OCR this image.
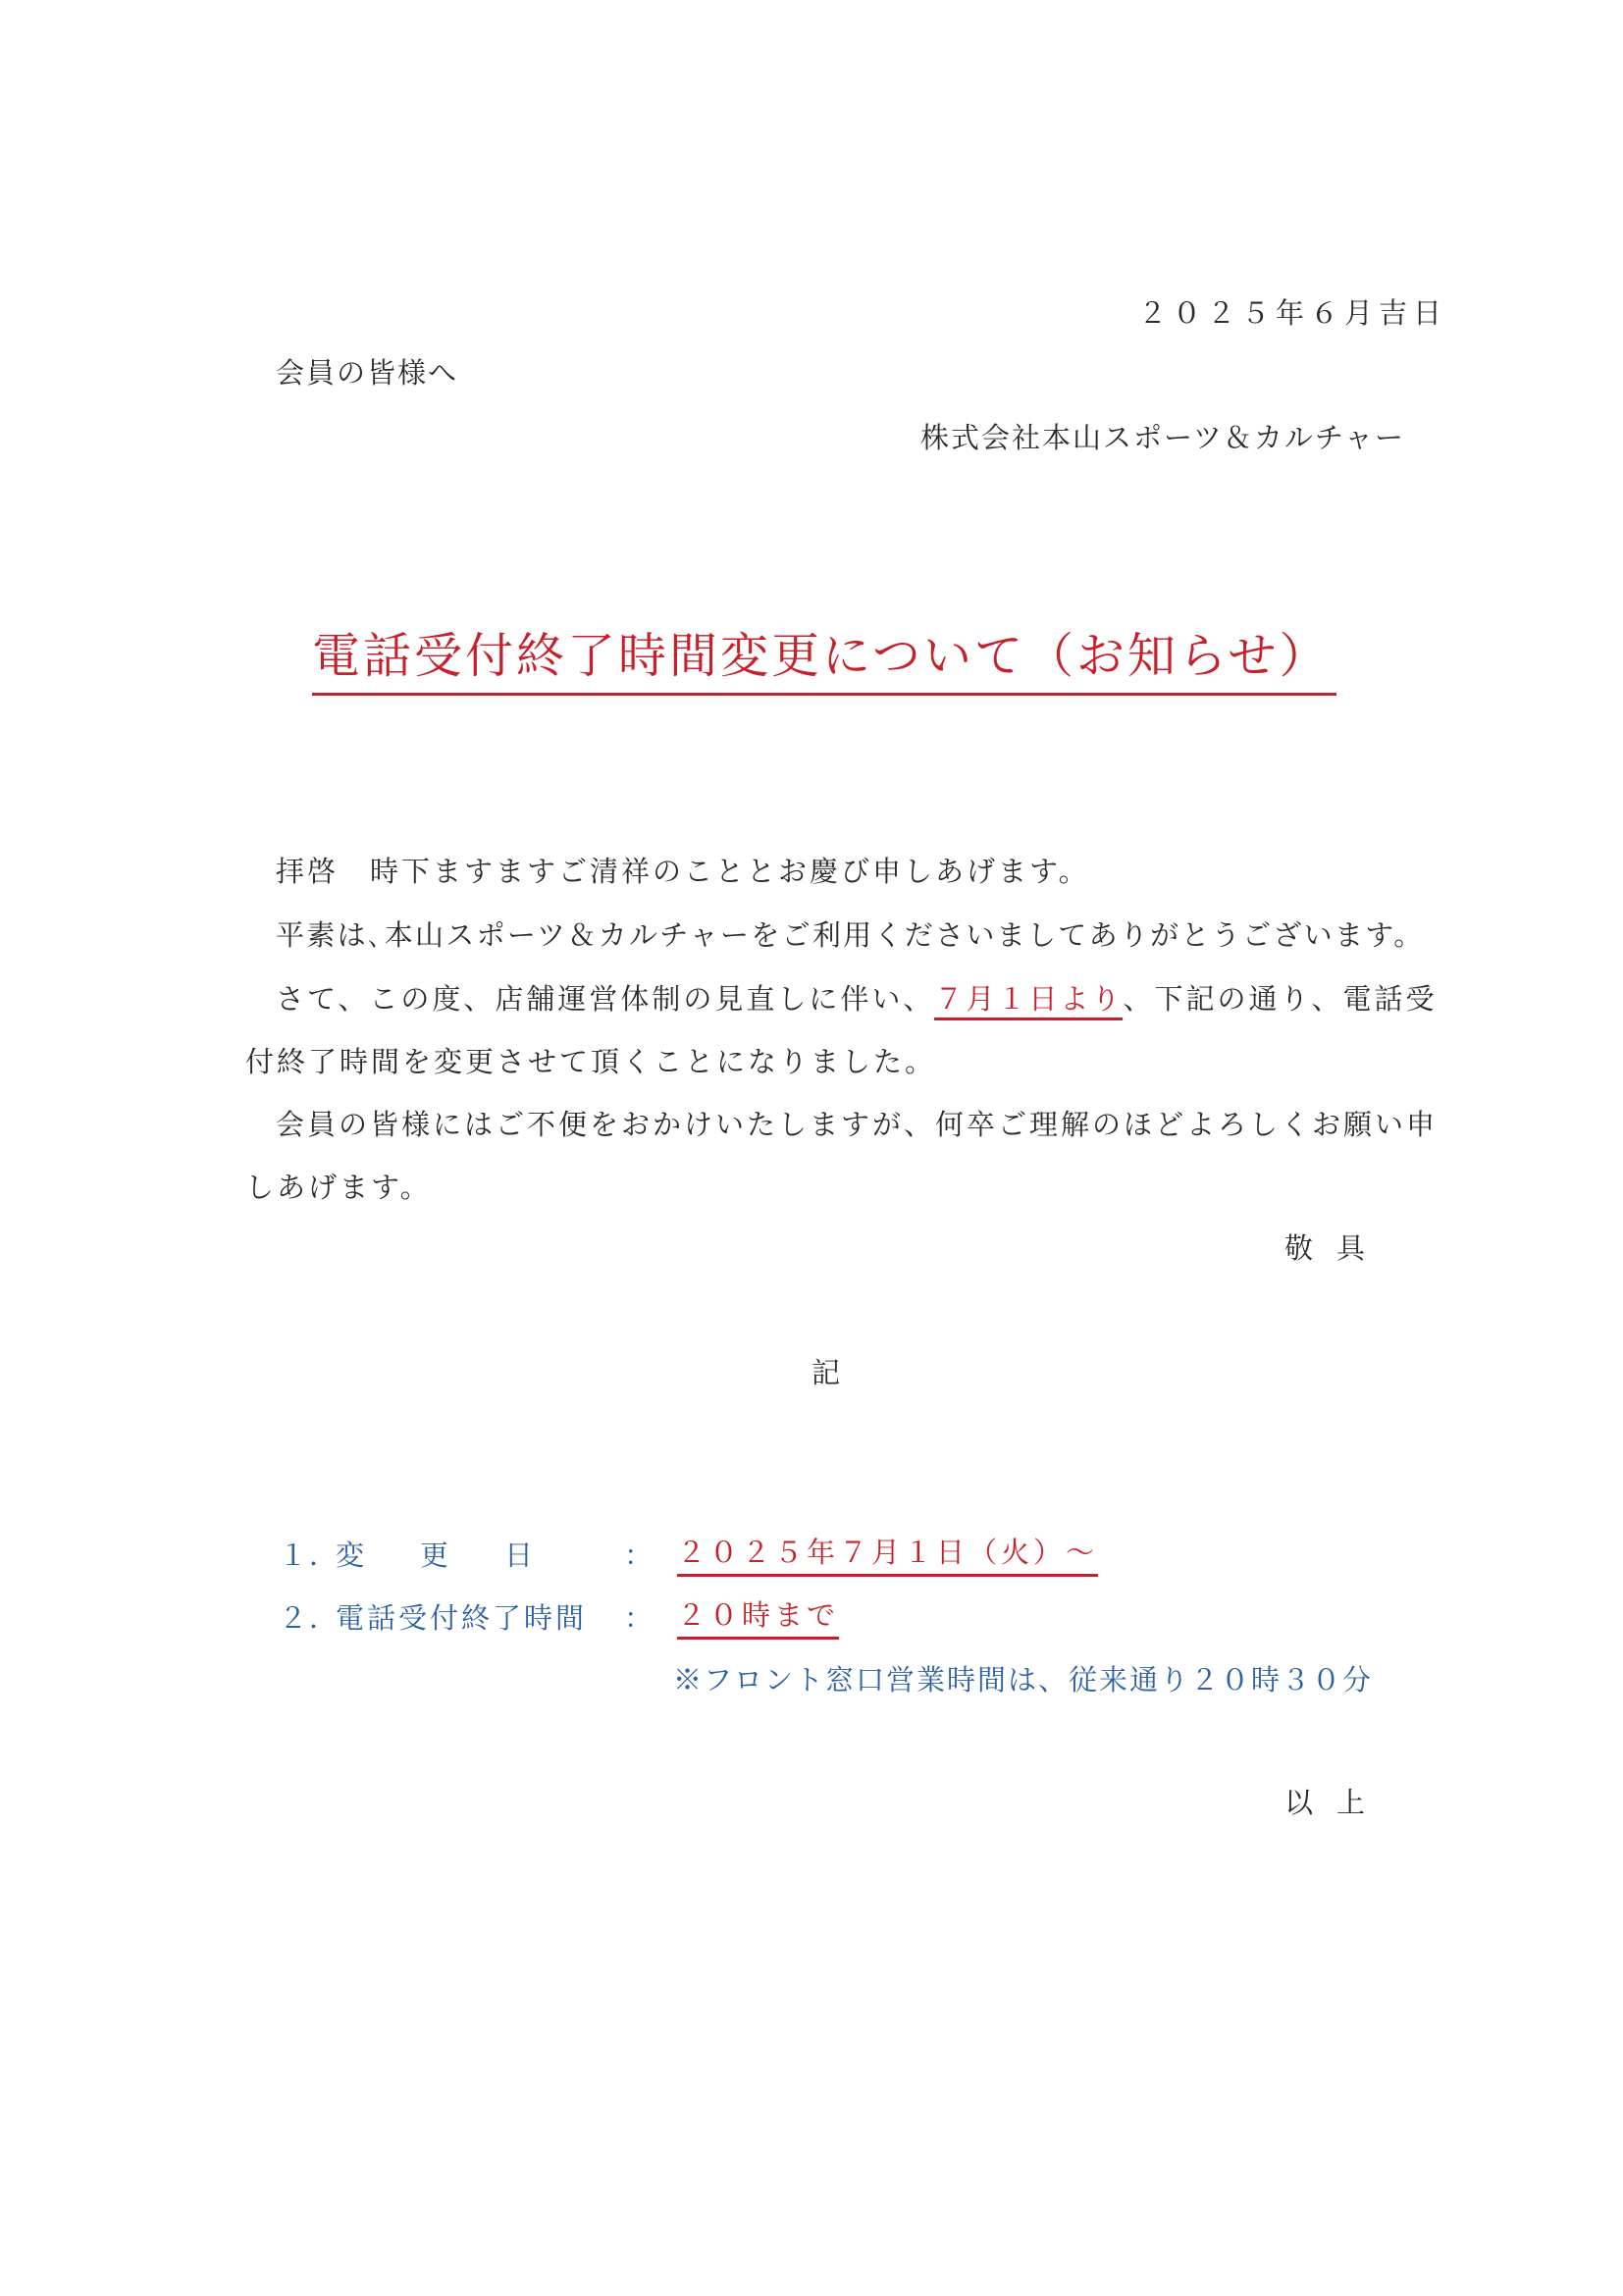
２０２５年６月吉日
会員の皆様へ
株式会社本山スポーツ＆カルチャー
電話受付終了時間変更について（お知らせ）
拝啓　時下ますますご清祥のこととお慶び申しあげます。
平素は､本山スポーツ＆カルチャーをご利用くださいましてありがとうございます。
さて、この度、店舗運営体制の見直しに伴い、７月１日より、下記の通り、電話受
付終了時間を変更させて頂くことになりました。
会員の皆様にはご不便をおかけいたしますが、何卒ご理解のほどよろしくお願い申
しあげます。
敬具
記
１．
変更日 ： ２０２５年７月１日（火）～
２．
電話受付終了時間 ： ２０時まで
※フロント窓口営業時間は、従来通り２０時３０分
以上
